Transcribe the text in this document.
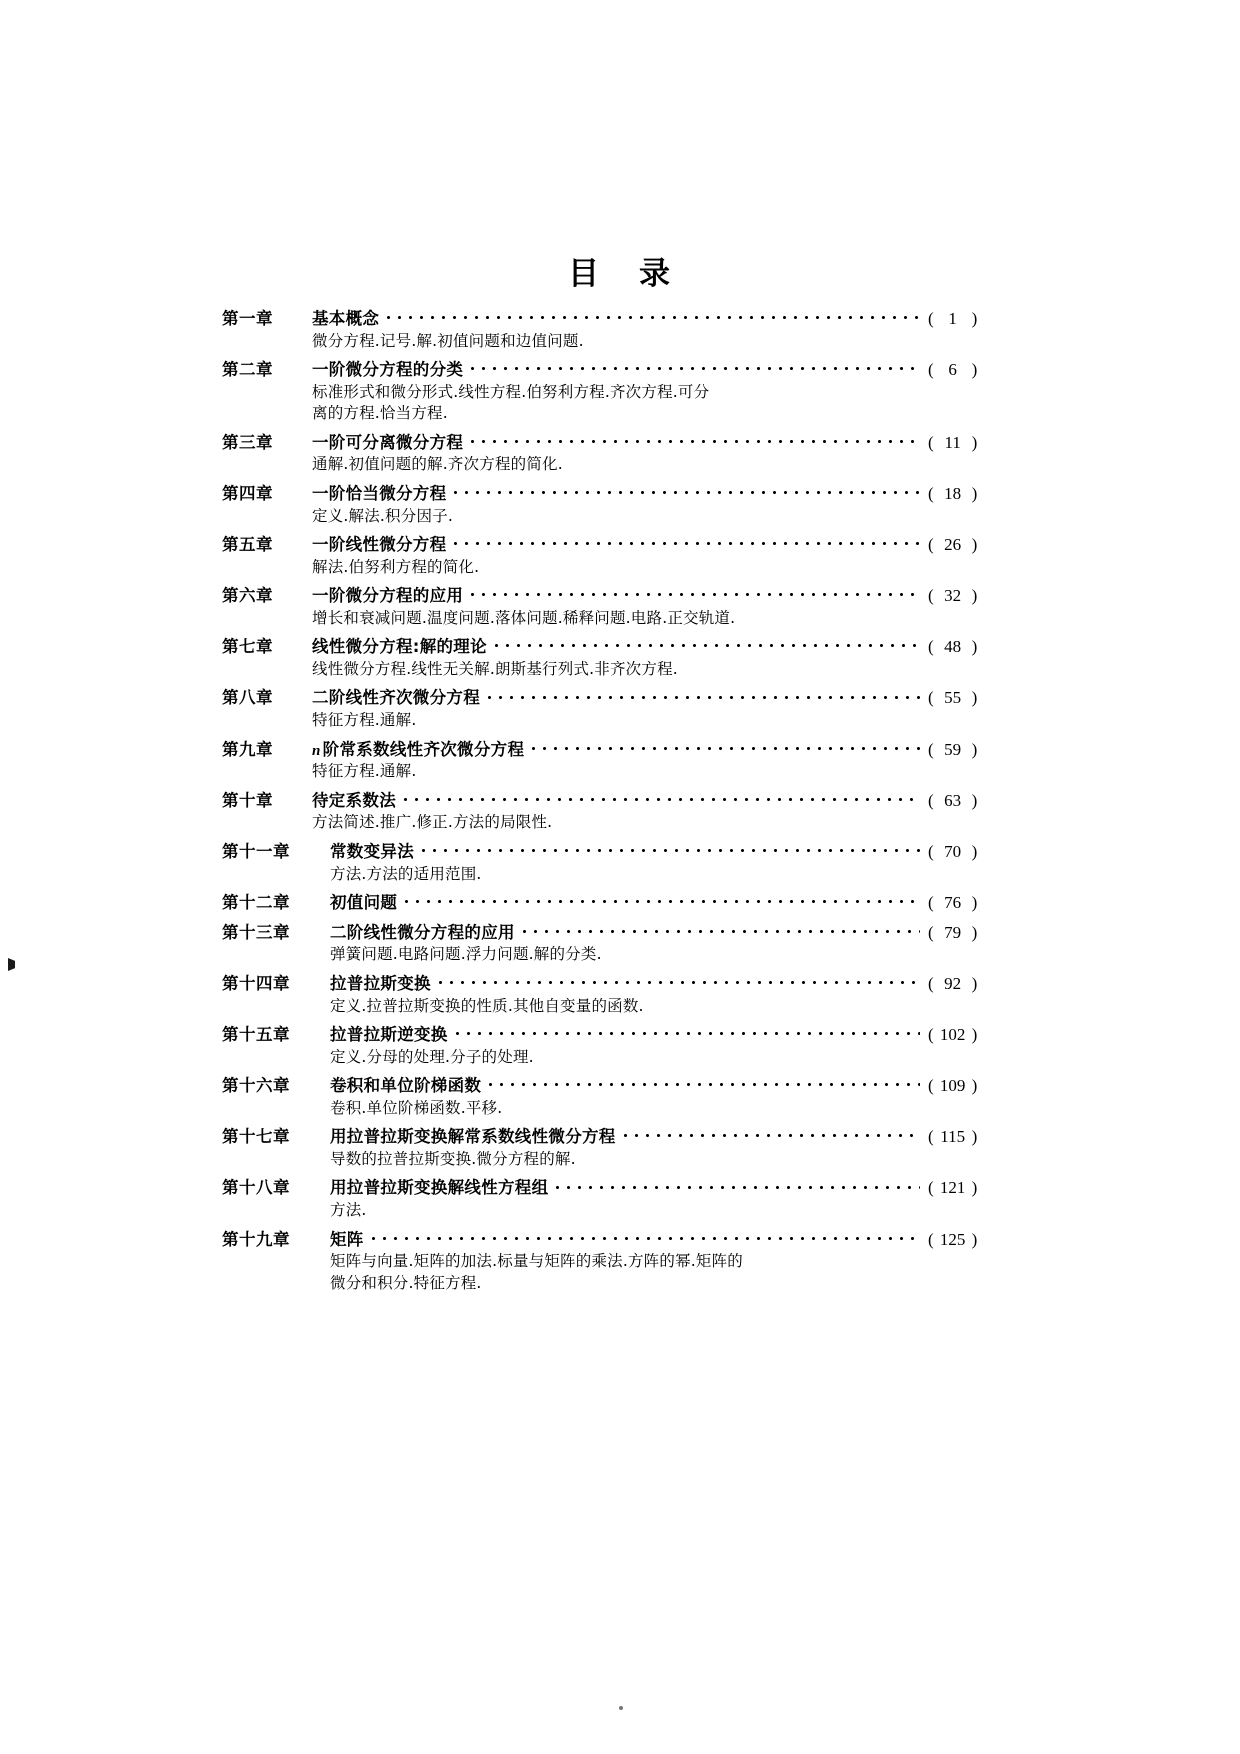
目 录
第一章	基本概念	( 1 )
微分方程.记号.解.初值问题和边值问题.
第二章	一阶微分方程的分类	( 6 )
标准形式和微分形式.线性方程.伯努利方程.齐次方程.可分
离的方程.恰当方程.
第三章	一阶可分离微分方程	( 11 )
通解.初值问题的解.齐次方程的简化.
第四章	一阶恰当微分方程	( 18 )
定义.解法.积分因子.
第五章	一阶线性微分方程	( 26 )
解法.伯努利方程的简化.
第六章	一阶微分方程的应用	( 32 )
增长和衰减问题.温度问题.落体问题.稀释问题.电路.正交轨道.
第七章	线性微分方程:解的理论	( 48 )
线性微分方程.线性无关解.朗斯基行列式.非齐次方程.
第八章	二阶线性齐次微分方程	( 55 )
特征方程.通解.
第九章	n 阶常系数线性齐次微分方程	( 59 )
特征方程.通解.
第十章	待定系数法	( 63 )
方法简述.推广.修正.方法的局限性.
第十一章	常数变异法	( 70 )
方法.方法的适用范围.
第十二章	初值问题	( 76 )
第十三章	二阶线性微分方程的应用	( 79 )
弹簧问题.电路问题.浮力问题.解的分类.
第十四章	拉普拉斯变换	( 92 )
定义.拉普拉斯变换的性质.其他自变量的函数.
第十五章	拉普拉斯逆变换	( 102 )
定义.分母的处理.分子的处理.
第十六章	卷积和单位阶梯函数	( 109 )
卷积.单位阶梯函数.平移.
第十七章	用拉普拉斯变换解常系数线性微分方程	( 115 )
导数的拉普拉斯变换.微分方程的解.
第十八章	用拉普拉斯变换解线性方程组	( 121 )
方法.
第十九章	矩阵	( 125 )
矩阵与向量.矩阵的加法.标量与矩阵的乘法.方阵的幂.矩阵的
微分和积分.特征方程.
